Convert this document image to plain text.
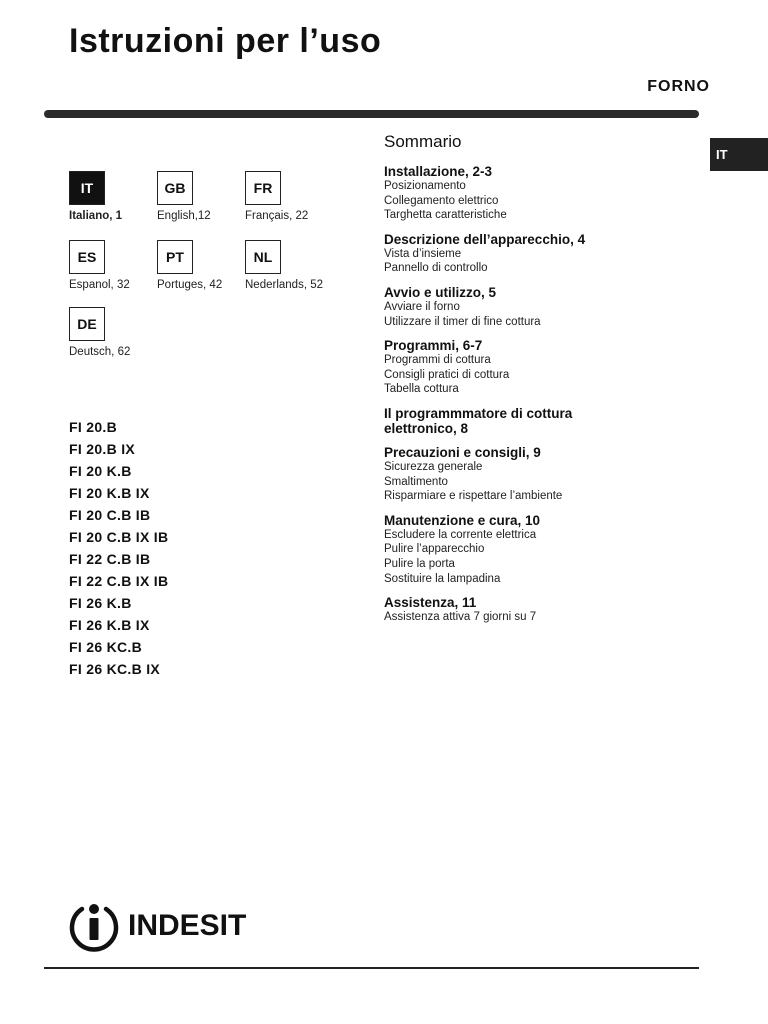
Istruzioni per l’uso
FORNO
IT
IT
Italiano, 1
GB
English,12
FR
Français, 22
ES
Espanol, 32
PT
Portuges, 42
NL
Nederlands, 52
DE
Deutsch, 62
FI 20.B
FI 20.B IX
FI 20 K.B
FI 20 K.B IX
FI 20 C.B IB
FI 20 C.B IX IB
FI 22 C.B IB
FI 22 C.B IX IB
FI 26 K.B
FI 26 K.B IX
FI 26 KC.B
FI 26 KC.B IX
Sommario
Installazione, 2-3
Posizionamento
Collegamento elettrico
Targhetta caratteristiche
Descrizione dell’apparecchio, 4
Vista d’insieme
Pannello di controllo
Avvio e utilizzo, 5
Avviare il forno
Utilizzare il timer di fine cottura
Programmi, 6-7
Programmi di cottura
Consigli pratici di cottura
Tabella cottura
Il programmmatore di cottura
elettronico, 8
Precauzioni e consigli, 9
Sicurezza generale
Smaltimento
Risparmiare e rispettare l’ambiente
Manutenzione e cura, 10
Escludere la corrente elettrica
Pulire l’apparecchio
Pulire la porta
Sostituire la lampadina
Assistenza, 11
Assistenza attiva 7 giorni su 7
INDESIT
